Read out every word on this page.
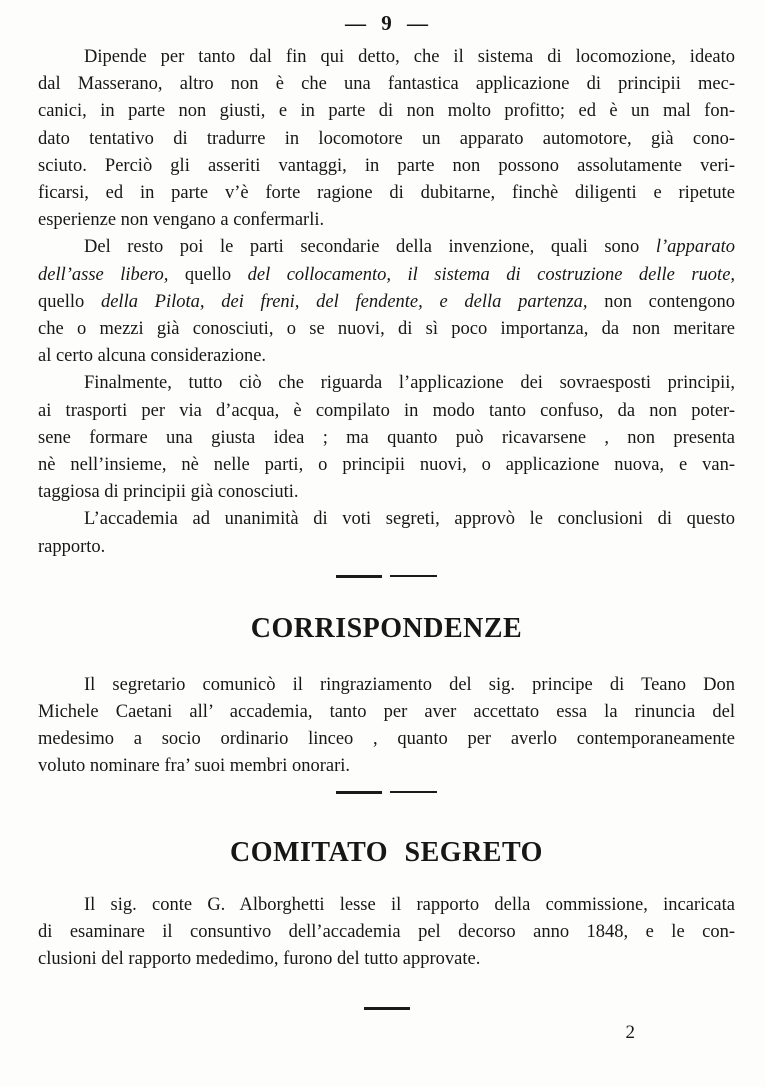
— 9 —
Dipende per tanto dal fin qui detto, che il sistema di locomozione, ideato
dal Masserano, altro non è che una fantastica applicazione di principii mec-
canici, in parte non giusti, e in parte di non molto profitto; ed è un mal fon-
dato tentativo di tradurre in locomotore un apparato automotore, già cono-
sciuto. Perciò gli asseriti vantaggi, in parte non possono assolutamente veri-
ficarsi, ed in parte v’è forte ragione di dubitarne, finchè diligenti e ripetute
esperienze non vengano a confermarli.
Del resto poi le parti secondarie della invenzione, quali sono l’apparato
dell’asse libero, quello del collocamento, il sistema di costruzione delle ruote,
quello della Pilota, dei freni, del fendente, e della partenza, non contengono
che o mezzi già conosciuti, o se nuovi, di sì poco importanza, da non meritare
al certo alcuna considerazione.
Finalmente, tutto ciò che riguarda l’applicazione dei sovraesposti principii,
ai trasporti per via d’acqua, è compilato in modo tanto confuso, da non poter-
sene formare una giusta idea ; ma quanto può ricavarsene , non presenta
nè nell’insieme, nè nelle parti, o principii nuovi, o applicazione nuova, e van-
taggiosa di principii già conosciuti.
L’accademia ad unanimità di voti segreti, approvò le conclusioni di questo
rapporto.
CORRISPONDENZE
Il segretario comunicò il ringraziamento del sig. principe di Teano Don
Michele Caetani all’ accademia, tanto per aver accettato essa la rinuncia del
medesimo a socio ordinario linceo , quanto per averlo contemporaneamente
voluto nominare fra’ suoi membri onorari.
COMITATO SEGRETO
Il sig. conte G. Alborghetti lesse il rapporto della commissione, incaricata
di esaminare il consuntivo dell’accademia pel decorso anno 1848, e le con-
clusioni del rapporto mededimo, furono del tutto approvate.
2
